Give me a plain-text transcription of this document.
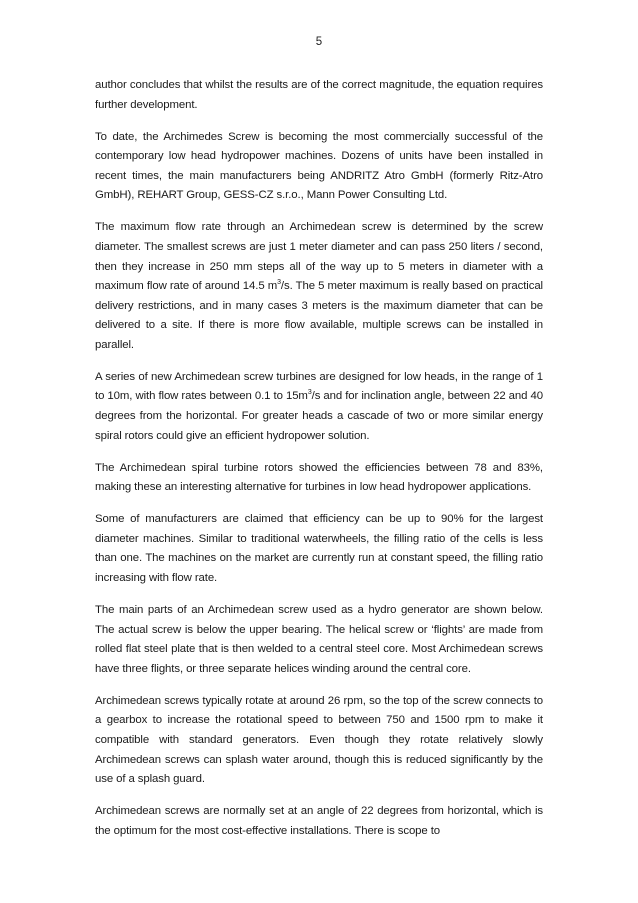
5

author concludes that whilst the results are of the correct magnitude, the equation requires further development.

To date, the Archimedes Screw is becoming the most commercially successful of the contemporary low head hydropower machines. Dozens of units have been installed in recent times, the main manufacturers being ANDRITZ Atro GmbH (formerly Ritz-Atro GmbH), REHART Group, GESS-CZ s.r.o., Mann Power Consulting Ltd.

The maximum flow rate through an Archimedean screw is determined by the screw diameter. The smallest screws are just 1 meter diameter and can pass 250 liters / second, then they increase in 250 mm steps all of the way up to 5 meters in diameter with a maximum flow rate of around 14.5 $m^3/s$. The 5 meter maximum is really based on practical delivery restrictions, and in many cases 3 meters is the maximum diameter that can be delivered to a site. If there is more flow available, multiple screws can be installed in parallel.

A series of new Archimedean screw turbines are designed for low heads, in the range of 1 to 10m, with flow rates between 0.1 to $15m^3/s$ and for inclination angle, between 22 and 40 degrees from the horizontal. For greater heads a cascade of two or more similar energy spiral rotors could give an efficient hydropower solution.

The Archimedean spiral turbine rotors showed the efficiencies between 78 and 83%, making these an interesting alternative for turbines in low head hydropower applications.

Some of manufacturers are claimed that efficiency can be up to 90% for the largest diameter machines. Similar to traditional waterwheels, the filling ratio of the cells is less than one. The machines on the market are currently run at constant speed, the filling ratio increasing with flow rate.

The main parts of an Archimedean screw used as a hydro generator are shown below. The actual screw is below the upper bearing. The helical screw or ‘flights’ are made from rolled flat steel plate that is then welded to a central steel core. Most Archimedean screws have three flights, or three separate helices winding around the central core.

Archimedean screws typically rotate at around 26 rpm, so the top of the screw connects to a gearbox to increase the rotational speed to between 750 and 1500 rpm to make it compatible with standard generators. Even though they rotate relatively slowly Archimedean screws can splash water around, though this is reduced significantly by the use of a splash guard.

Archimedean screws are normally set at an angle of 22 degrees from horizontal, which is the optimum for the most cost-effective installations. There is scope to
